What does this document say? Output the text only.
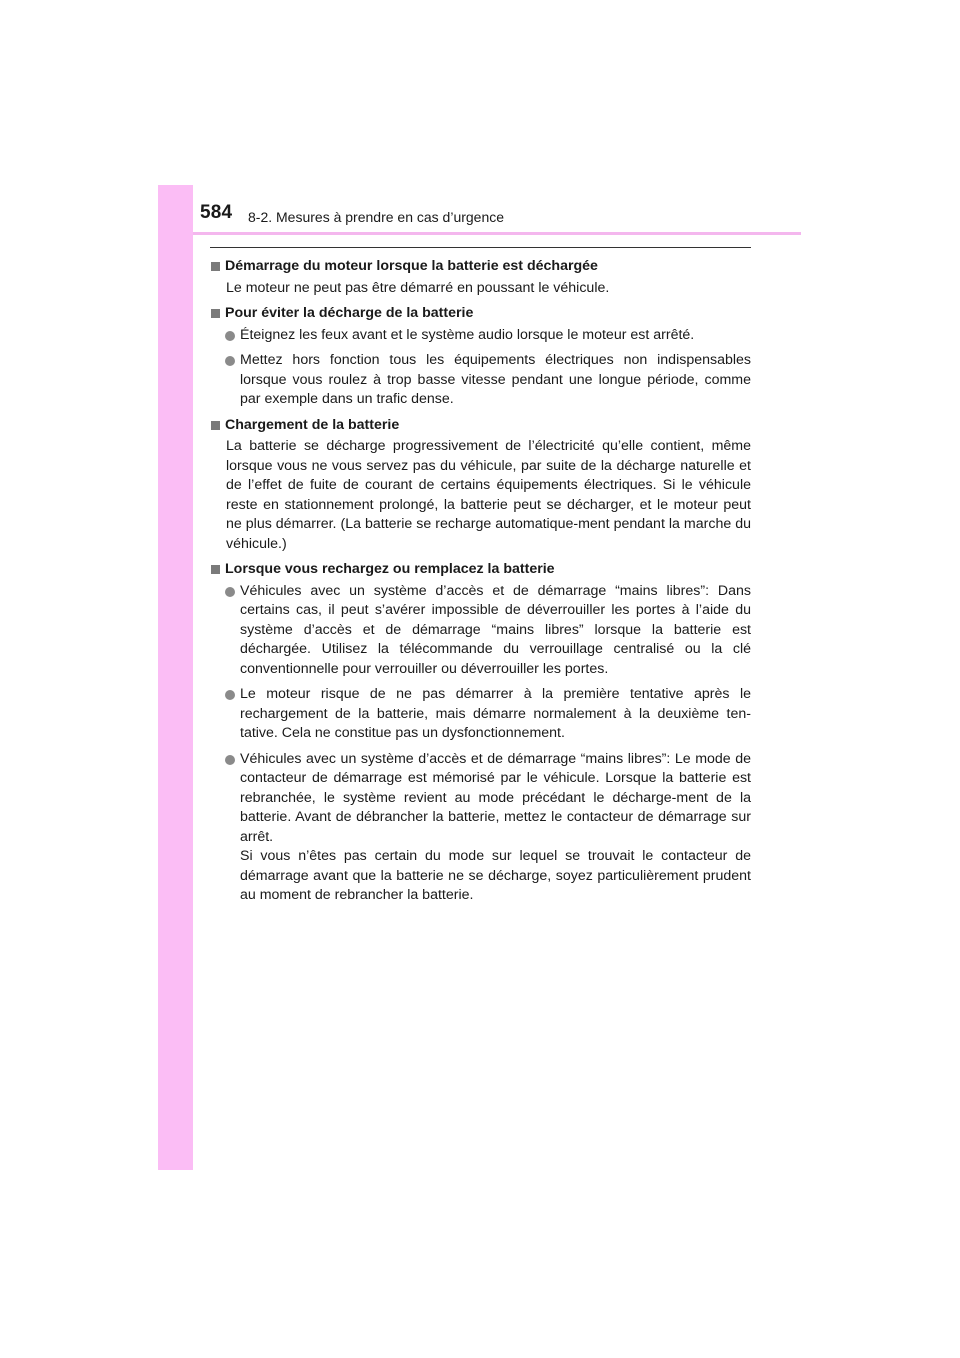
584 8-2. Mesures à prendre en cas d’urgence
Démarrage du moteur lorsque la batterie est déchargée
Le moteur ne peut pas être démarré en poussant le véhicule.
Pour éviter la décharge de la batterie
Éteignez les feux avant et le système audio lorsque le moteur est arrêté.
Mettez hors fonction tous les équipements électriques non indispensables lorsque vous roulez à trop basse vitesse pendant une longue période, comme par exemple dans un trafic dense.
Chargement de la batterie
La batterie se décharge progressivement de l’électricité qu’elle contient, même lorsque vous ne vous servez pas du véhicule, par suite de la décharge naturelle et de l’effet de fuite de courant de certains équipements électriques. Si le véhicule reste en stationnement prolongé, la batterie peut se décharger, et le moteur peut ne plus démarrer. (La batterie se recharge automatique-ment pendant la marche du véhicule.)
Lorsque vous rechargez ou remplacez la batterie
Véhicules avec un système d’accès et de démarrage “mains libres”: Dans certains cas, il peut s’avérer impossible de déverrouiller les portes à l’aide du système d’accès et de démarrage “mains libres” lorsque la batterie est déchargée. Utilisez la télécommande du verrouillage centralisé ou la clé conventionnelle pour verrouiller ou déverrouiller les portes.
Le moteur risque de ne pas démarrer à la première tentative après le rechargement de la batterie, mais démarre normalement à la deuxième ten-tative. Cela ne constitue pas un dysfonctionnement.
Véhicules avec un système d’accès et de démarrage “mains libres”: Le mode de contacteur de démarrage est mémorisé par le véhicule. Lorsque la batterie est rebranchée, le système revient au mode précédant le décharge-ment de la batterie. Avant de débrancher la batterie, mettez le contacteur de démarrage sur arrêt.
Si vous n’êtes pas certain du mode sur lequel se trouvait le contacteur de démarrage avant que la batterie ne se décharge, soyez particulièrement prudent au moment de rebrancher la batterie.
